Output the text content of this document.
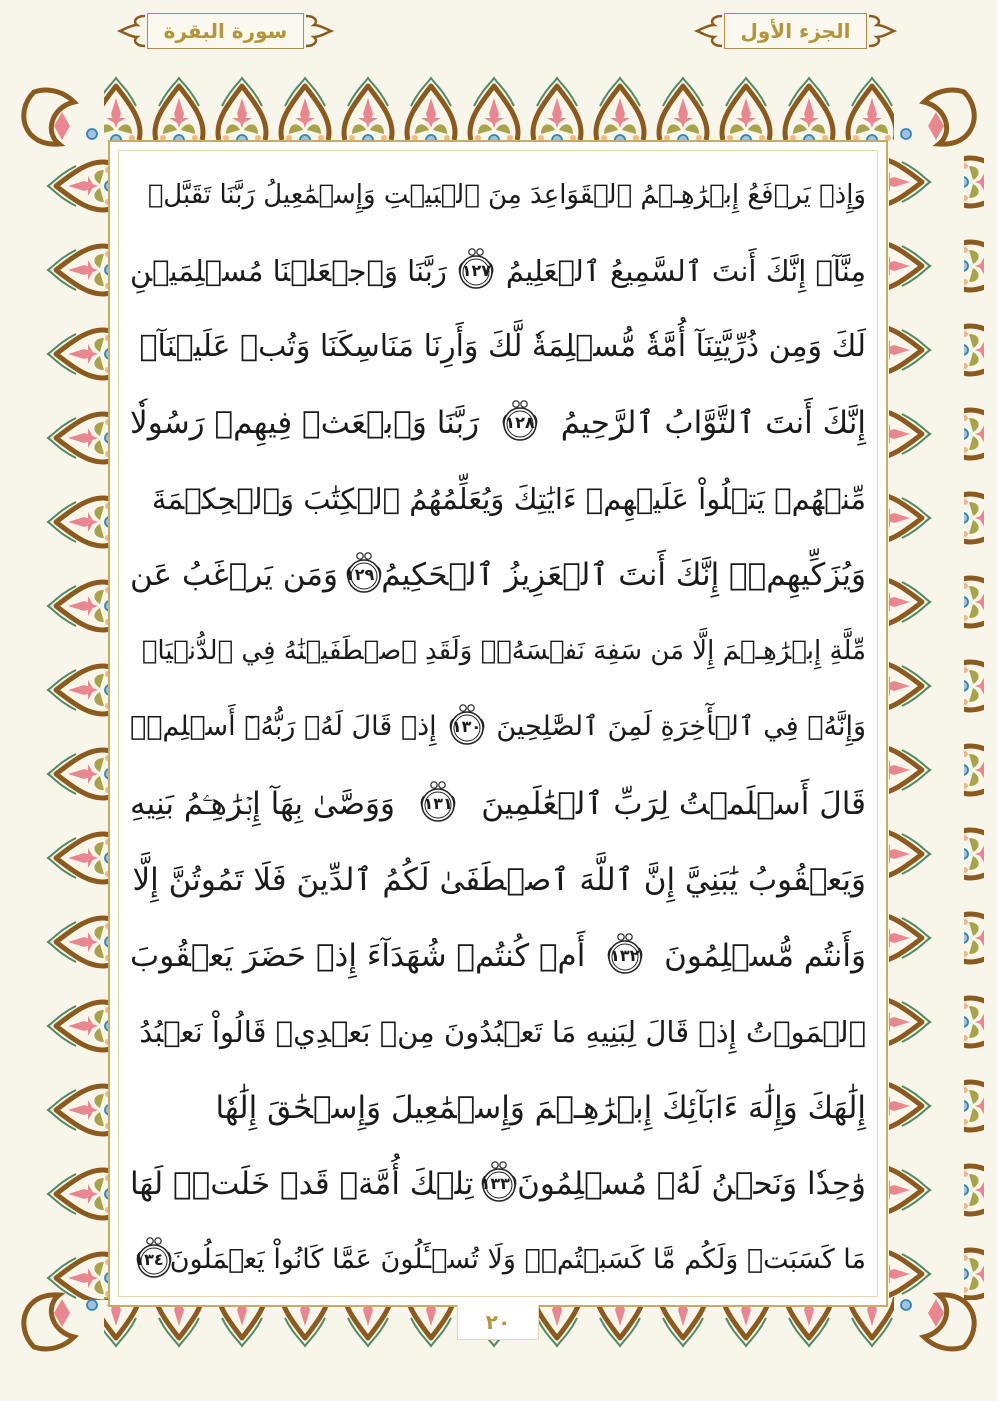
سورة البقرة	الجزء الأول
وَإِذۡ يَرۡفَعُ إِبۡرَٰهِـۧمُ ٱلۡقَوَاعِدَ مِنَ ٱلۡبَيۡتِ وَإِسۡمَٰعِيلُ رَبَّنَا تَقَبَّلۡ
مِنَّآۖ إِنَّكَ أَنتَ ٱلسَّمِيعُ ٱلۡعَلِيمُ
١٢٧
رَبَّنَا وَٱجۡعَلۡنَا مُسۡلِمَيۡنِ
لَكَ وَمِن ذُرِّيَّتِنَآ أُمَّةٗ مُّسۡلِمَةٗ لَّكَ وَأَرِنَا مَنَاسِكَنَا وَتُبۡ عَلَيۡنَآۖ
إِنَّكَ أَنتَ ٱلتَّوَّابُ ٱلرَّحِيمُ
١٢٨
رَبَّنَا وَٱبۡعَثۡ فِيهِمۡ رَسُولٗا
مِّنۡهُمۡ يَتۡلُواْ عَلَيۡهِمۡ ءَايَٰتِكَ وَيُعَلِّمُهُمُ ٱلۡكِتَٰبَ وَٱلۡحِكۡمَةَ
وَيُزَكِّيهِمۡۚ إِنَّكَ أَنتَ ٱلۡعَزِيزُ ٱلۡحَكِيمُ
١٢٩
وَمَن يَرۡغَبُ عَن
مِّلَّةِ إِبۡرَٰهِـۧمَ إِلَّا مَن سَفِهَ نَفۡسَهُۥۚ وَلَقَدِ ٱصۡطَفَيۡنَٰهُ فِي ٱلدُّنۡيَاۖ
وَإِنَّهُۥ فِي ٱلۡأٓخِرَةِ لَمِنَ ٱلصَّٰلِحِينَ
١٣٠
إِذۡ قَالَ لَهُۥ رَبُّهُۥٓ أَسۡلِمۡۖ
قَالَ أَسۡلَمۡتُ لِرَبِّ ٱلۡعَٰلَمِينَ
١٣١
وَوَصَّىٰ بِهَآ إِبۡرَٰهِـۧمُ بَنِيهِ
وَيَعۡقُوبُ يَٰبَنِيَّ إِنَّ ٱللَّهَ ٱصۡطَفَىٰ لَكُمُ ٱلدِّينَ فَلَا تَمُوتُنَّ إِلَّا
وَأَنتُم مُّسۡلِمُونَ
١٣٢
أَمۡ كُنتُمۡ شُهَدَآءَ إِذۡ حَضَرَ يَعۡقُوبَ
ٱلۡمَوۡتُ إِذۡ قَالَ لِبَنِيهِ مَا تَعۡبُدُونَ مِنۢ بَعۡدِيۖ قَالُواْ نَعۡبُدُ
إِلَٰهَكَ وَإِلَٰهَ ءَابَآئِكَ إِبۡرَٰهِـۧمَ وَإِسۡمَٰعِيلَ وَإِسۡحَٰقَ إِلَٰهٗا
وَٰحِدٗا وَنَحۡنُ لَهُۥ مُسۡلِمُونَ
١٣٣
تِلۡكَ أُمَّةٞ قَدۡ خَلَتۡۖ لَهَا
مَا كَسَبَتۡ وَلَكُم مَّا كَسَبۡتُمۡۖ وَلَا تُسۡـَٔلُونَ عَمَّا كَانُواْ يَعۡمَلُونَ
١٣٤
٢٠
